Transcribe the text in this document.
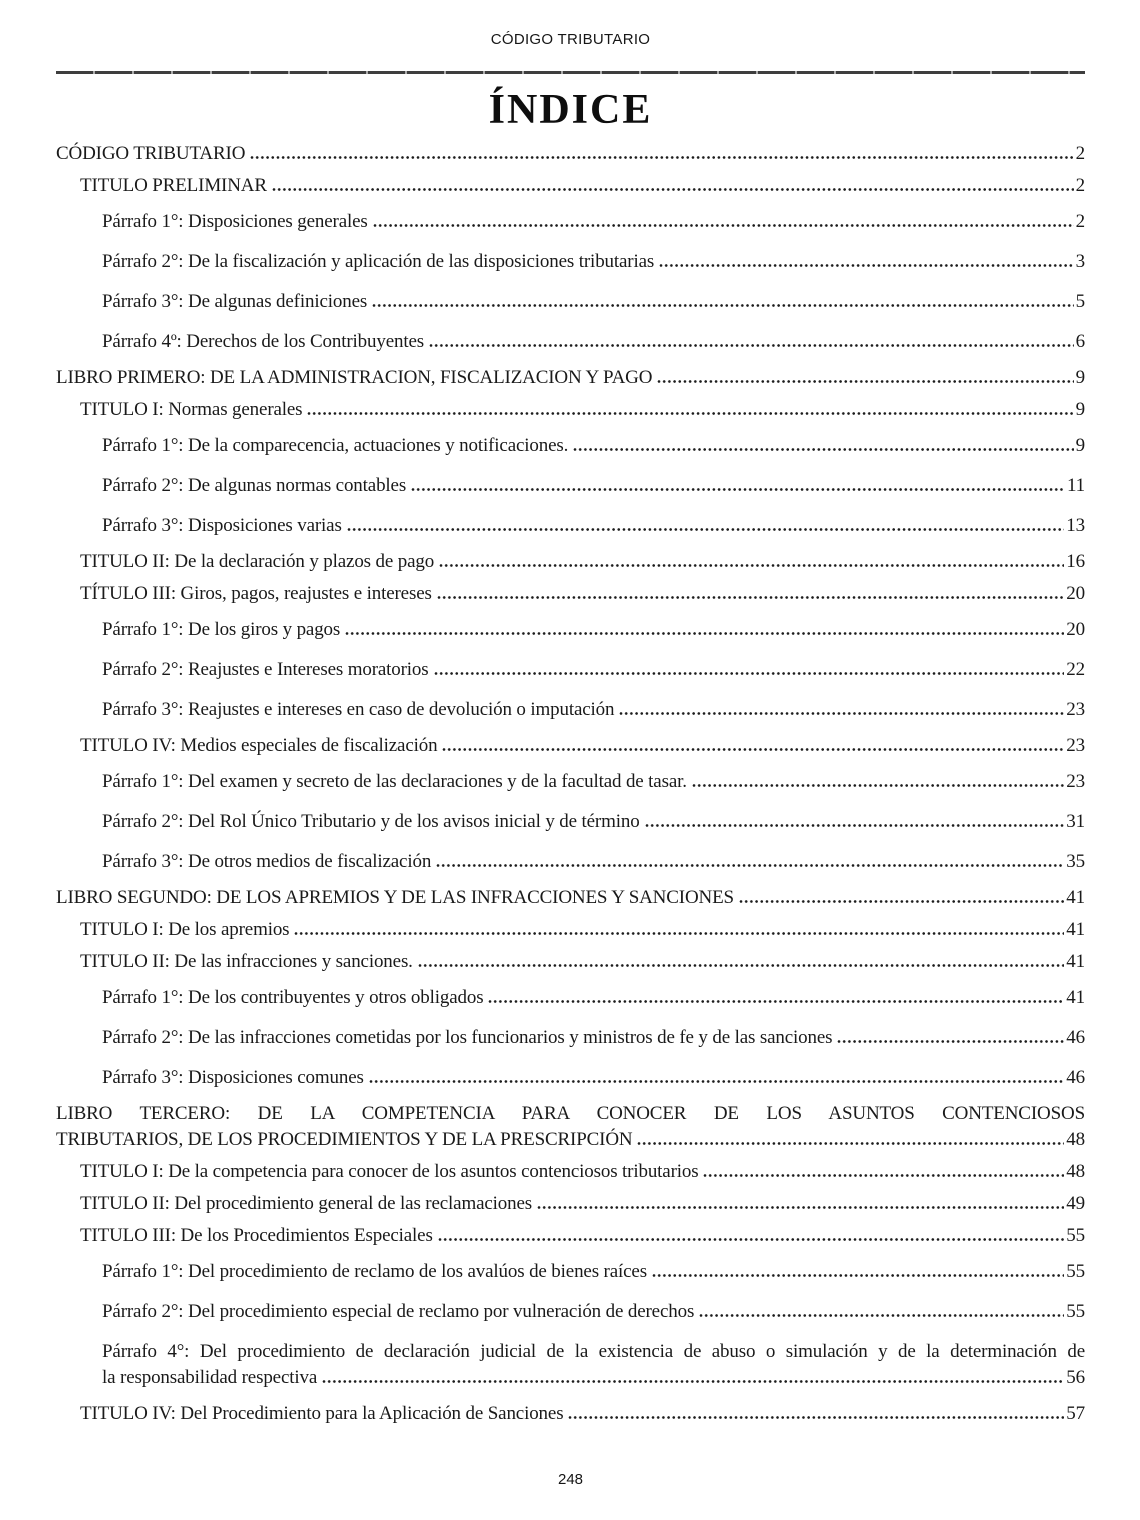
CÓDIGO TRIBUTARIO
ÍNDICE
CÓDIGO TRIBUTARIO	2
TITULO PRELIMINAR	2
Párrafo 1°: Disposiciones generales	2
Párrafo 2°: De la fiscalización y aplicación de las disposiciones tributarias	3
Párrafo 3°: De algunas definiciones	5
Párrafo 4º: Derechos de los Contribuyentes	6
LIBRO PRIMERO: DE LA ADMINISTRACION, FISCALIZACION Y PAGO	9
TITULO I: Normas generales	9
Párrafo 1°: De la comparecencia, actuaciones y notificaciones.	9
Párrafo 2°: De algunas normas contables	11
Párrafo 3°: Disposiciones varias	13
TITULO II: De la declaración y plazos de pago	16
TÍTULO III: Giros, pagos, reajustes e intereses	20
Párrafo 1°: De los giros y pagos	20
Párrafo 2°: Reajustes e Intereses moratorios	22
Párrafo 3°: Reajustes e intereses en caso de devolución o imputación	23
TITULO IV: Medios especiales de fiscalización	23
Párrafo 1°: Del examen y secreto de las declaraciones y de la facultad de tasar.	23
Párrafo 2°: Del Rol Único Tributario y de los avisos inicial y de término	31
Párrafo 3°: De otros medios de fiscalización	35
LIBRO SEGUNDO: DE LOS APREMIOS Y DE LAS INFRACCIONES Y SANCIONES	41
TITULO I: De los apremios	41
TITULO II: De las infracciones y sanciones.	41
Párrafo 1°: De los contribuyentes y otros obligados	41
Párrafo 2°: De las infracciones cometidas por los funcionarios y ministros de fe y de las sanciones	46
Párrafo 3°: Disposiciones comunes	46
LIBRO TERCERO: DE LA COMPETENCIA PARA CONOCER DE LOS ASUNTOS CONTENCIOSOS
TRIBUTARIOS, DE LOS PROCEDIMIENTOS Y DE LA PRESCRIPCIÓN	48
TITULO I: De la competencia para conocer de los asuntos contenciosos tributarios	48
TITULO II: Del procedimiento general de las reclamaciones	49
TITULO III: De los Procedimientos Especiales	55
Párrafo 1°: Del procedimiento de reclamo de los avalúos de bienes raíces	55
Párrafo 2°: Del procedimiento especial de reclamo por vulneración de derechos	55
Párrafo 4°: Del procedimiento de declaración judicial de la existencia de abuso o simulación y de la determinación de
la responsabilidad respectiva	56
TITULO IV: Del Procedimiento para la Aplicación de Sanciones	57
248
